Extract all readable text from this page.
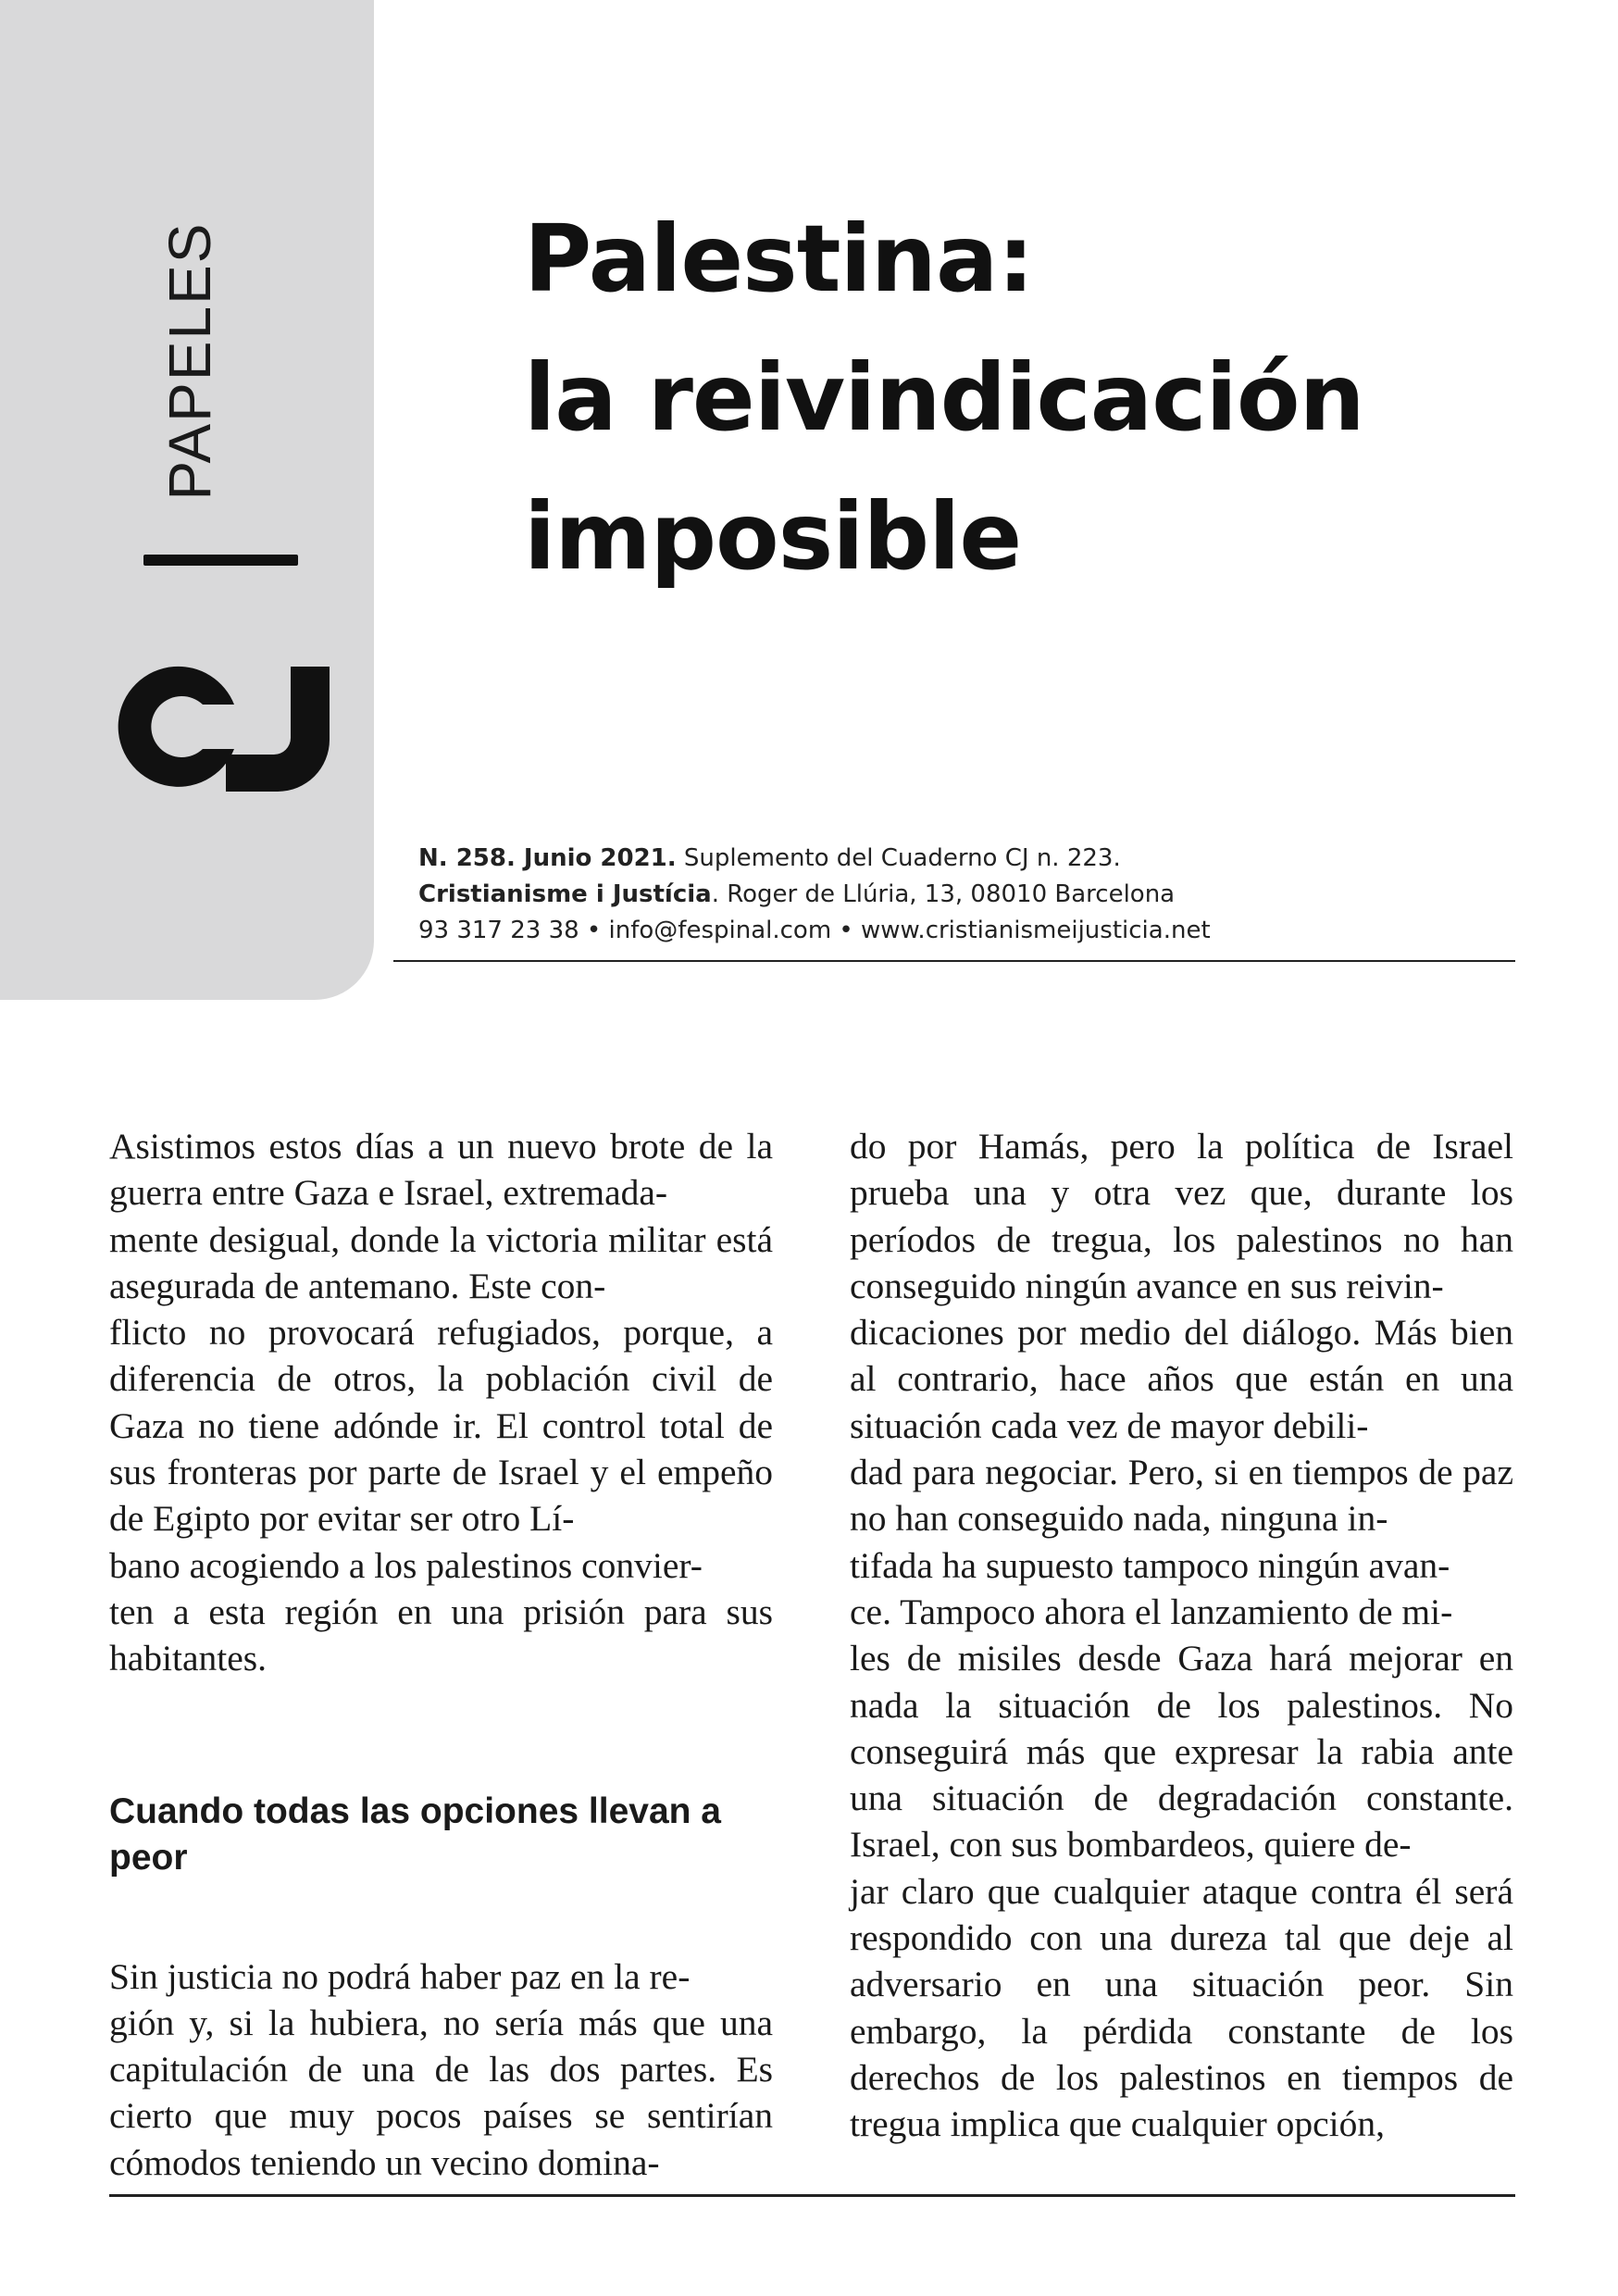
PAPELES	Palestina:
la reivindicación
imposible
N. 258. Junio 2021. Suplemento del Cuaderno CJ n. 223.
Cristianisme i Justícia. Roger de Llúria, 13, 08010 Barcelona
93 317 23 38 • info@fespinal.com • www.cristianismeijusticia.net

Asistimos estos días a un nuevo brote de la guerra entre Gaza e Israel, extremada-
mente desigual, donde la victoria militar está asegurada de antemano. Este con-
flicto no provocará refugiados, porque, a diferencia de otros, la población civil de Gaza no tiene adónde ir. El control total de sus fronteras por parte de Israel y el empeño de Egipto por evitar ser otro Lí-
bano acogiendo a los palestinos convier-
ten a esta región en una prisión para sus habitantes.

Cuando todas las opciones llevan a peor

Sin justicia no podrá haber paz en la re-
gión y, si la hubiera, no sería más que una capitulación de una de las dos partes. Es cierto que muy pocos países se sentirían cómodos teniendo un vecino domina-

do por Hamás, pero la política de Israel prueba una y otra vez que, durante los períodos de tregua, los palestinos no han conseguido ningún avance en sus reivin-
dicaciones por medio del diálogo. Más bien al contrario, hace años que están en una situación cada vez de mayor debili-
dad para negociar. Pero, si en tiempos de paz no han conseguido nada, ninguna in-
tifada ha supuesto tampoco ningún avan-
ce. Tampoco ahora el lanzamiento de mi-
les de misiles desde Gaza hará mejorar en nada la situación de los palestinos. No conseguirá más que expresar la rabia ante una situación de degradación constante. Israel, con sus bombardeos, quiere de-
jar claro que cualquier ataque contra él será respondido con una dureza tal que deje al adversario en una situación peor. Sin embargo, la pérdida constante de los derechos de los palestinos en tiempos de tregua implica que cualquier opción,
